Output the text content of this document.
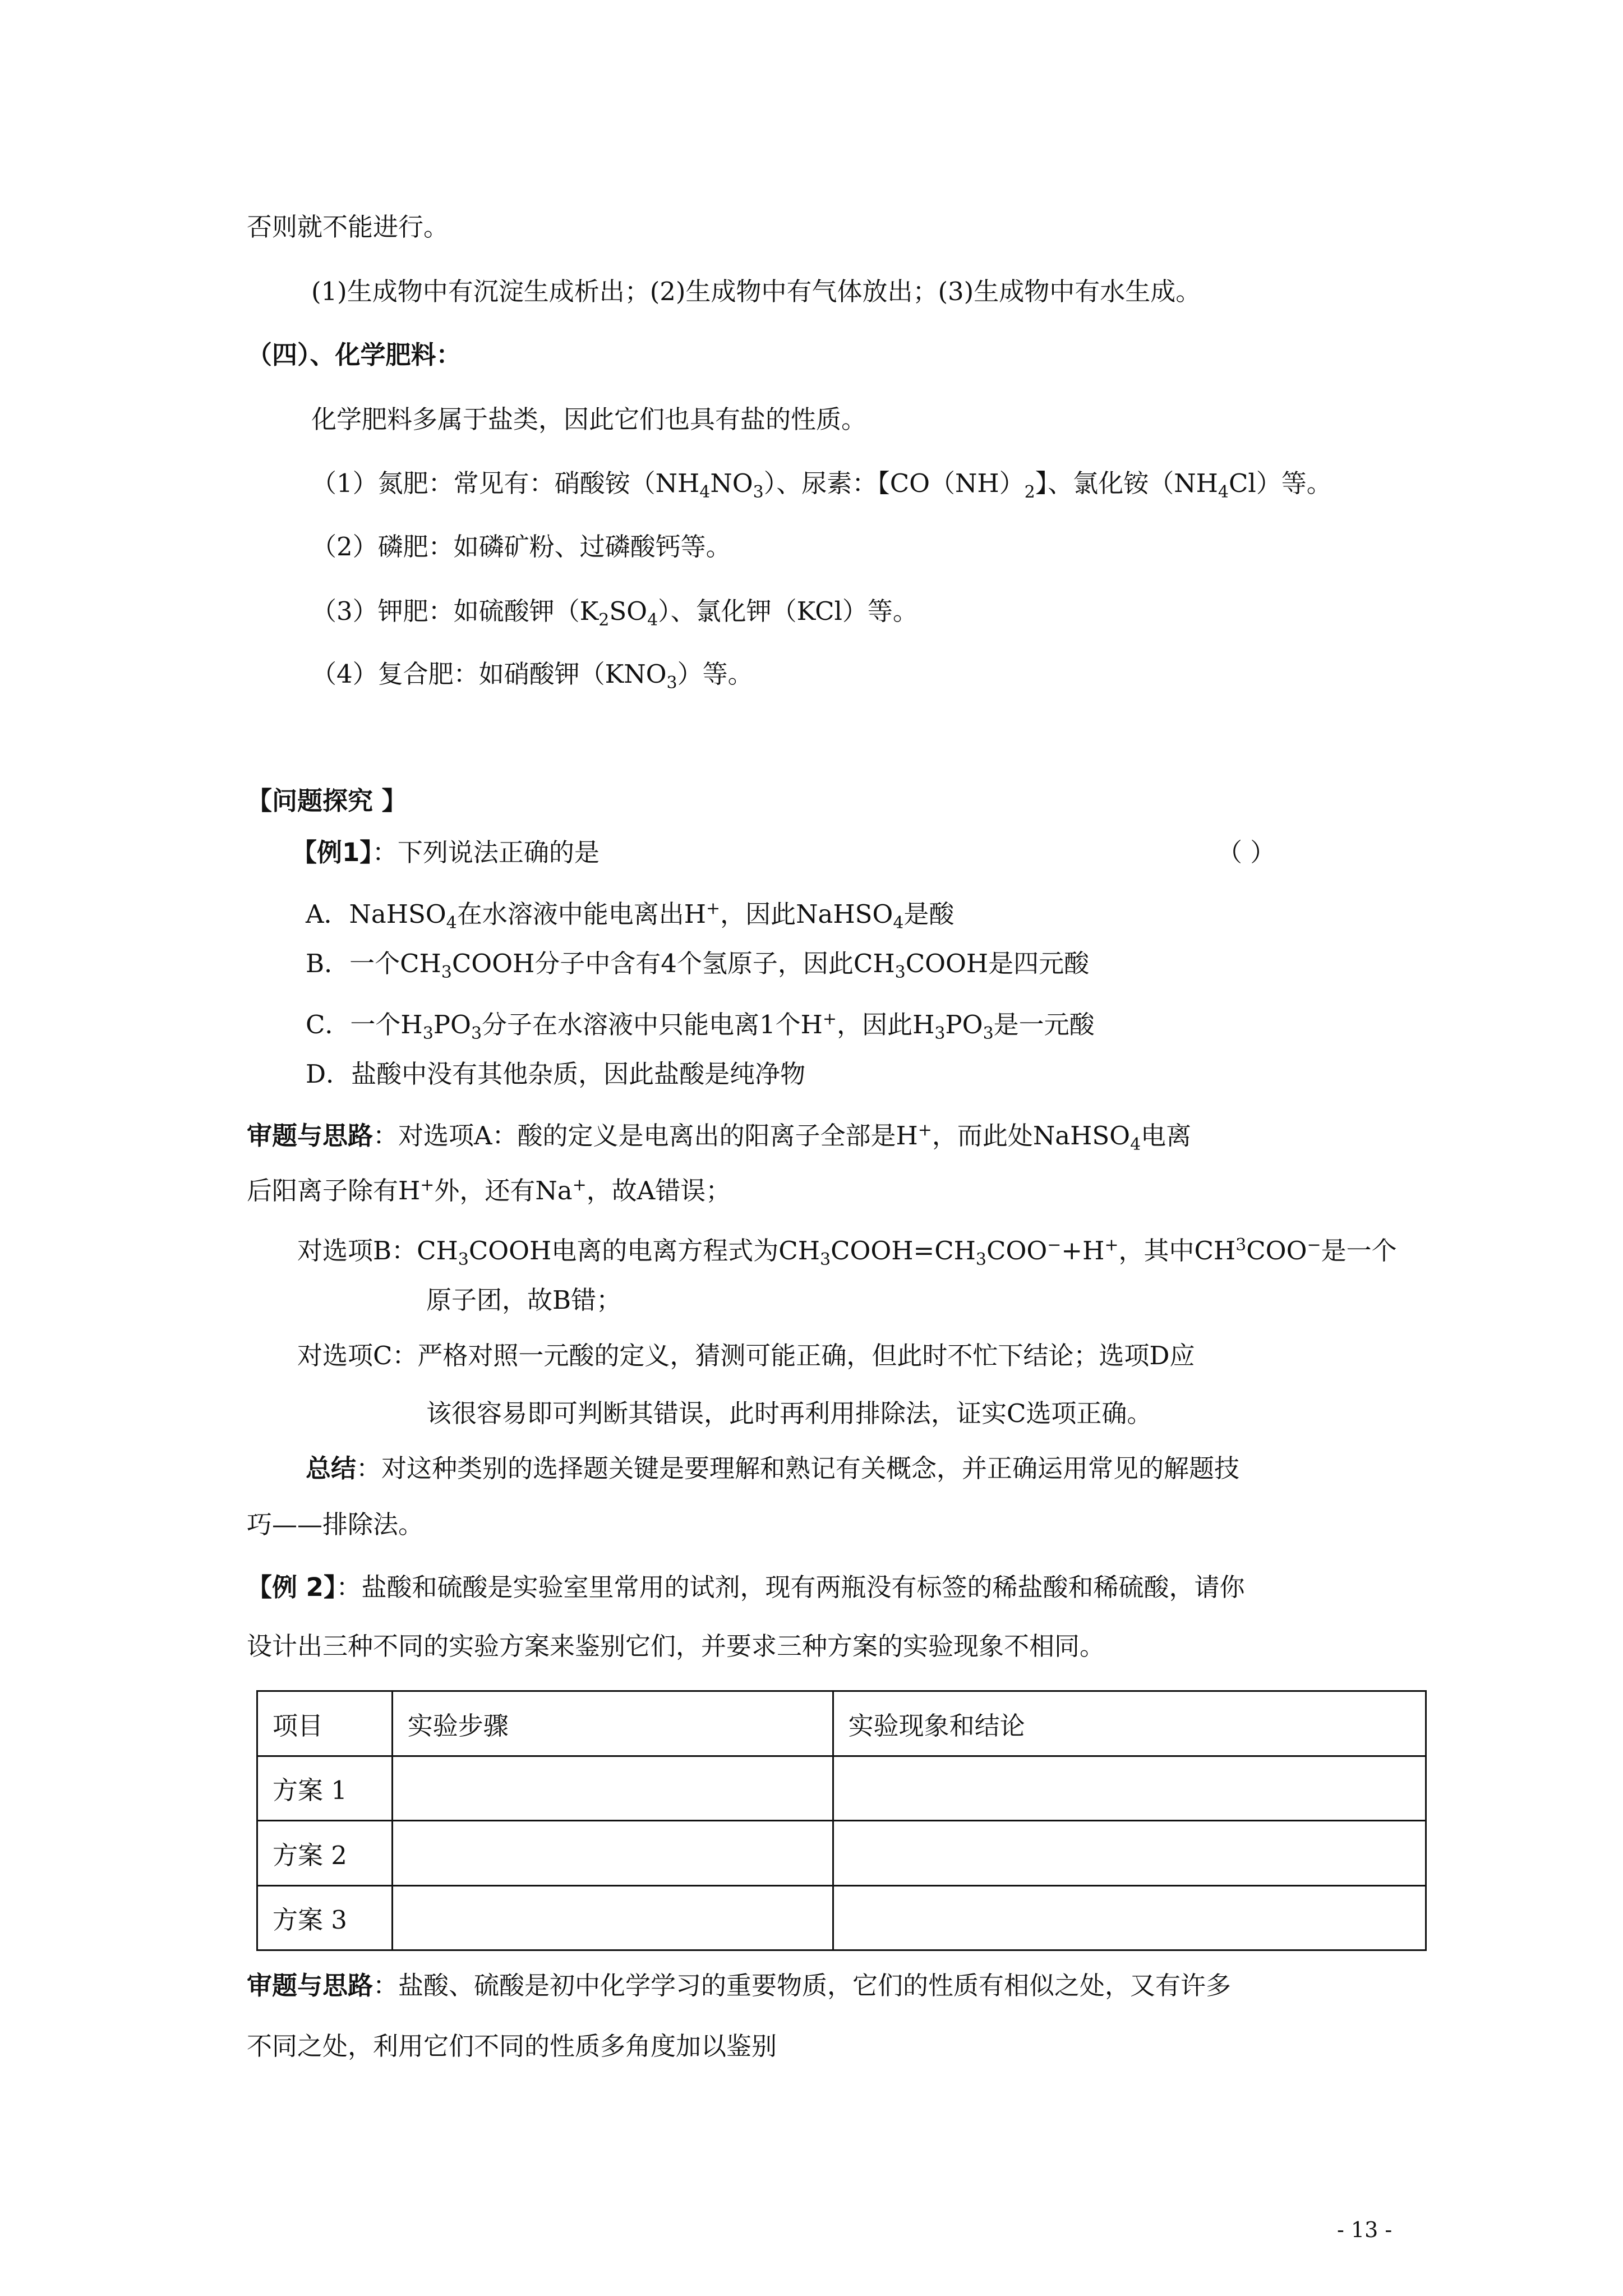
否则就不能进行。
(1)生成物中有沉淀生成析出；(2)生成物中有气体放出；(3)生成物中有水生成。
（四）、化学肥料：
化学肥料多属于盐类，因此它们也具有盐的性质。
（1）氮肥：常见有：硝酸铵$(NH_4NO_3)$、尿素：【$CO(NH)_2$】、氯化铵$(NH_4Cl)$等。
（2）磷肥：如磷矿粉、过磷酸钙等。
（3）钾肥：如硫酸钾$(K_2SO_4)$、氯化钾（KCl）等。
（4）复合肥：如硝酸钾$(KNO_3)$等。
【问题探究 】
【例1】：下列说法正确的是	（ ）
A．NaHSO$_4$在水溶液中能电离出H+，因此NaHSO$_4$是酸
B．一个$CH_3COOH$分子中含有4个氢原子，因此$CH_3COOH$是四元酸
C．一个$H_3PO_3$分子在水溶液中只能电离1个H+，因此$H_3PO_3$是一元酸
D．盐酸中没有其他杂质，因此盐酸是纯净物
审题与思路：对选项A：酸的定义是电离出的阳离子全部是H+，而此处NaHSO$_4$电离
后阳离子除有H+外，还有Na+，故A错误；
对选项B：$CH_3COOH$电离的电离方程式为$CH_3COOH=CH_3COO^-+H^+$，其中$CH^3COO^-$是一个
原子团，故B错；
对选项C：严格对照一元酸的定义，猜测可能正确，但此时不忙下结论；选项D应
该很容易即可判断其错误，此时再利用排除法，证实C选项正确。
总结：对这种类别的选择题关键是要理解和熟记有关概念，并正确运用常见的解题技
巧——排除法。
【例 2】：盐酸和硫酸是实验室里常用的试剂，现有两瓶没有标签的稀盐酸和稀硫酸，请你
设计出三种不同的实验方案来鉴别它们，并要求三种方案的实验现象不相同。
项目	实验步骤	实验现象和结论
方案 1		
方案 2		
方案 3		
审题与思路：盐酸、硫酸是初中化学学习的重要物质，它们的性质有相似之处，又有许多
不同之处，利用它们不同的性质多角度加以鉴别
- 13 -
